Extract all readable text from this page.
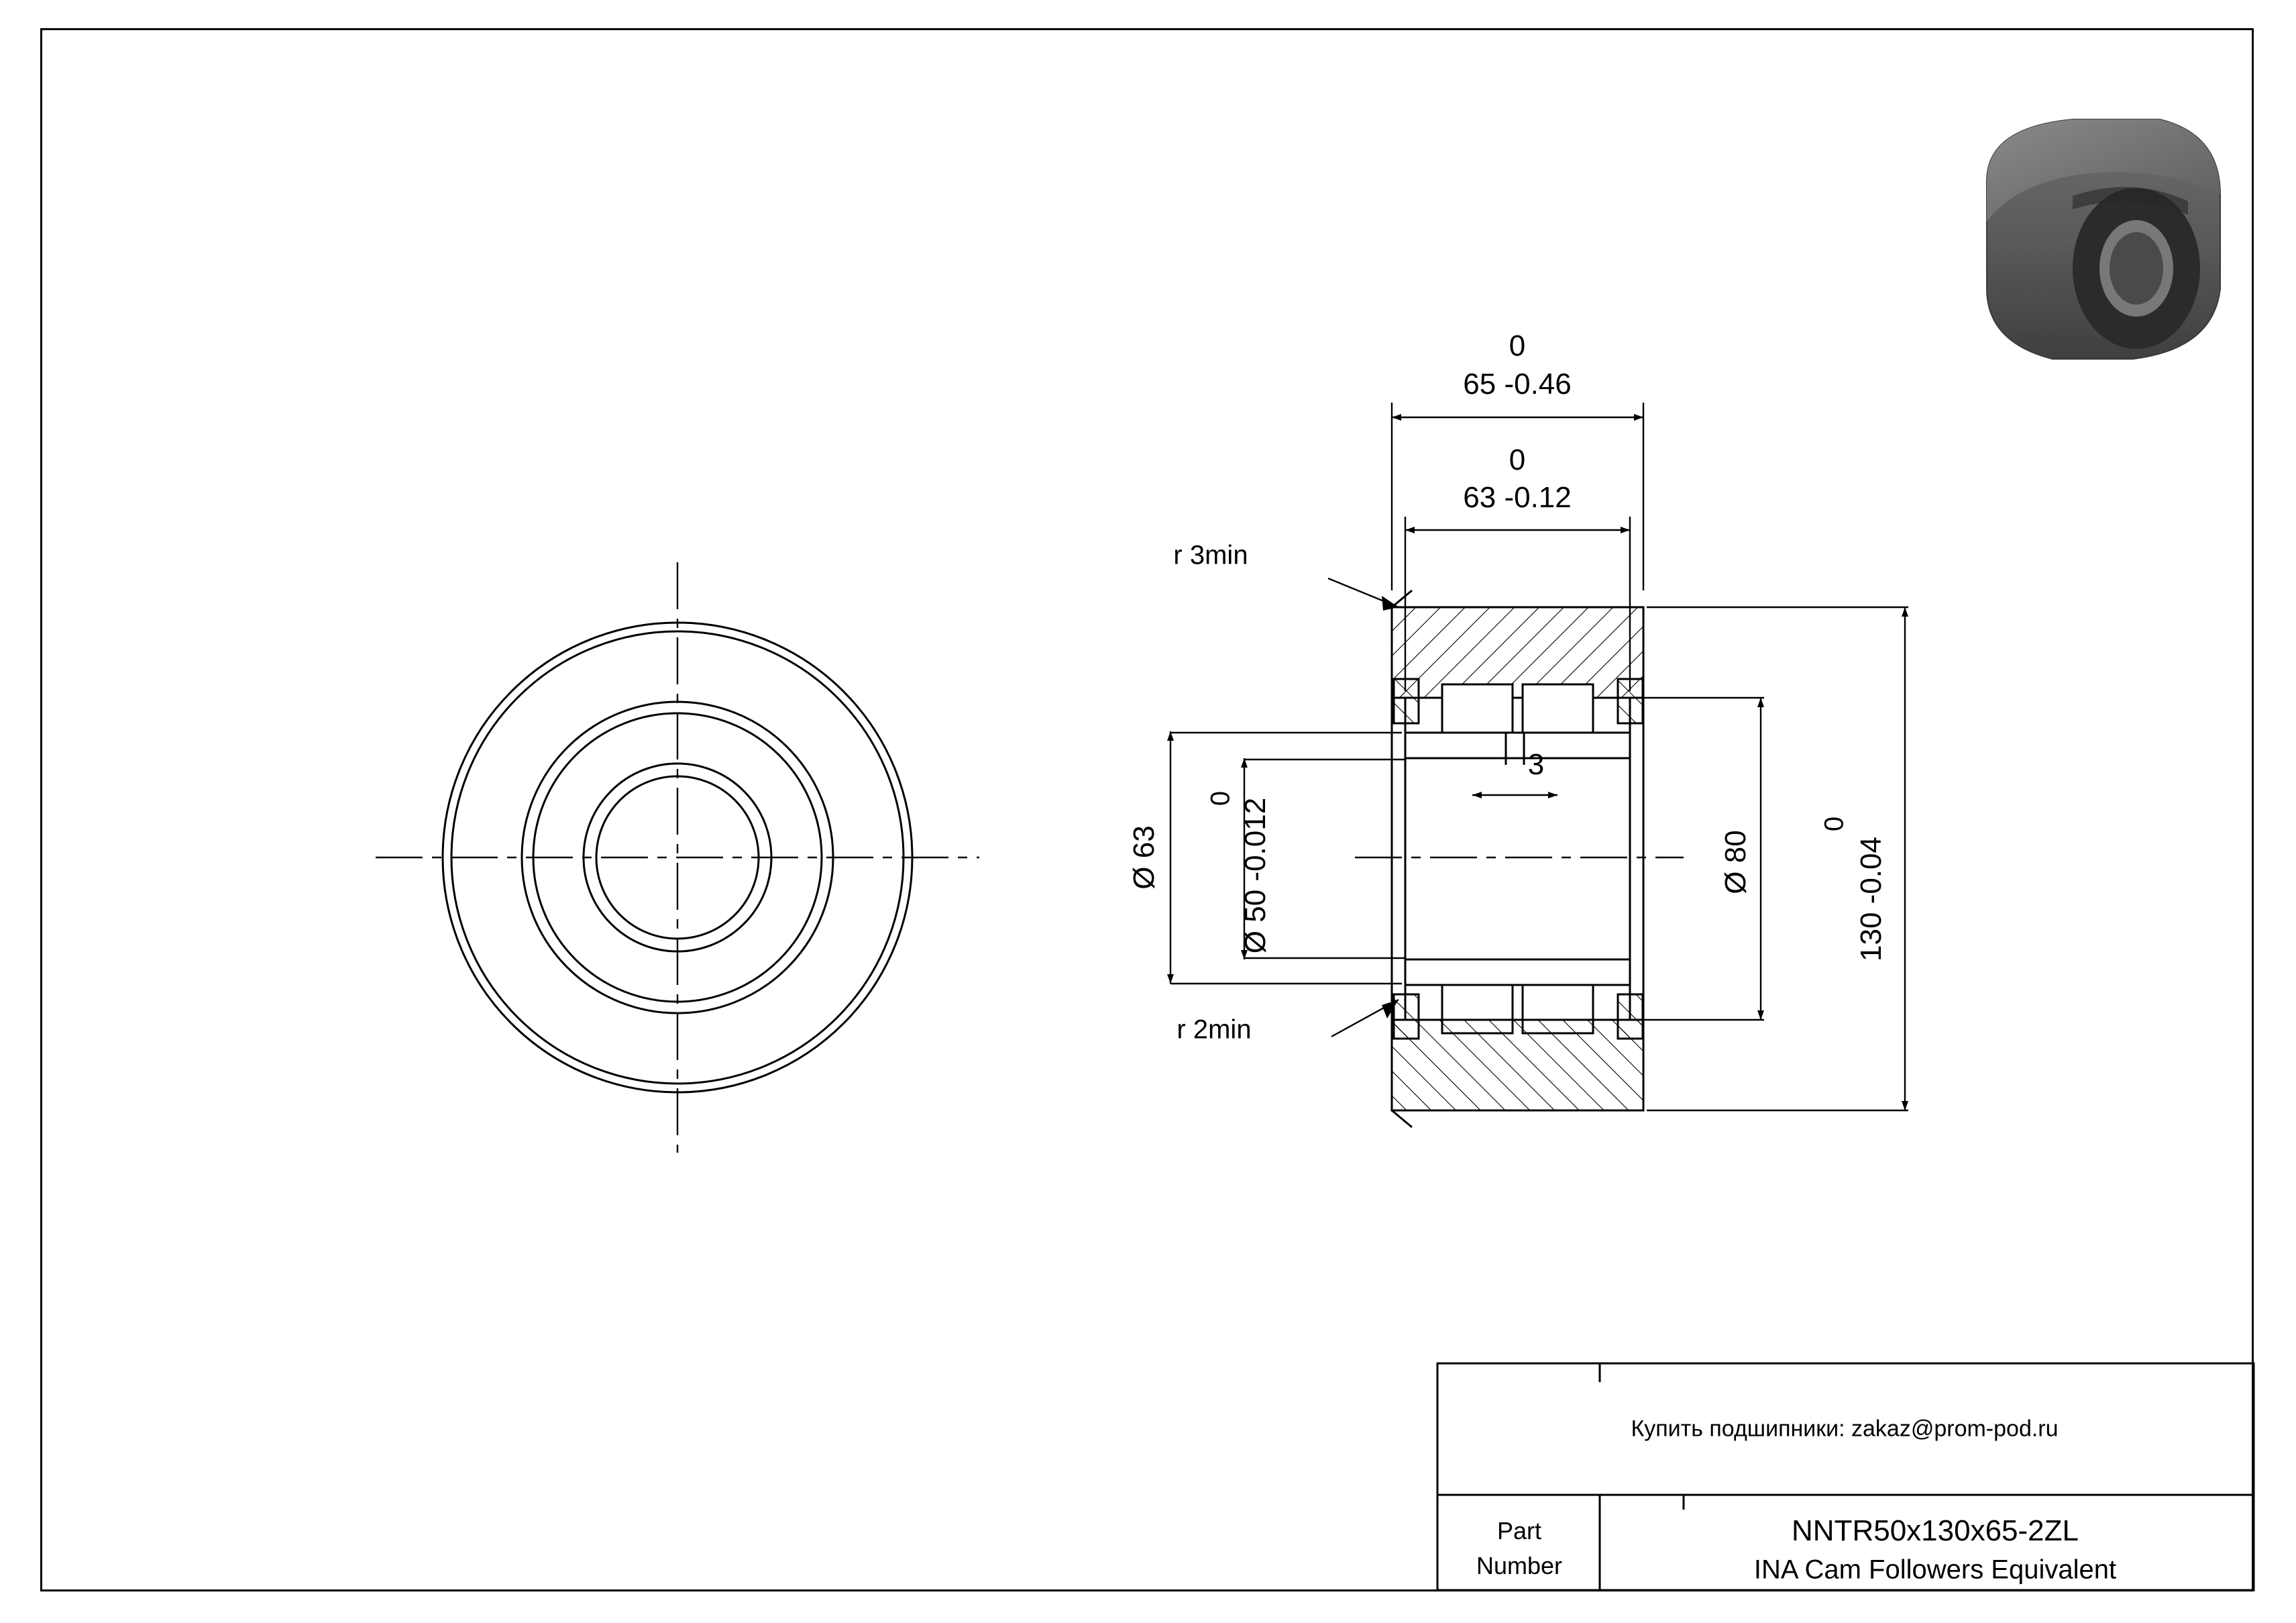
0
65 -0.46
0
63 -0.12
r 3min
r 2min
Ø 63
0
Ø 50 -0.012
3
Ø 80
0
130 -0.04
Купить подшипники: zakaz@prom-pod.ru
Part
Number
NNTR50x130x65-2ZL
INA Cam Followers Equivalent
